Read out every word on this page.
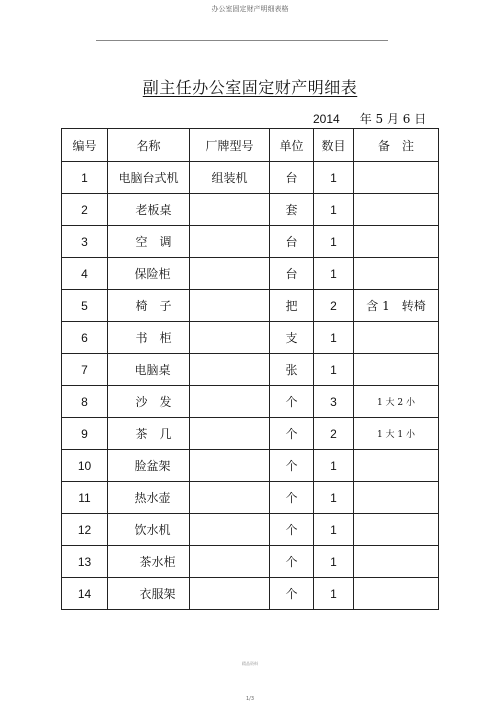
办公室固定财产明细表格
副主任办公室固定财产明细表
2014 年 5 月 6 日
编号	名称	厂牌型号	单位	数目	备　注
1	电脑台式机	组装机	台	1	
2	老板桌		套	1	
3	空　调		台	1	
4	保险柜		台	1	
5	椅　子		把	2	含 1　转椅
6	书　柜		支	1	
7	电脑桌		张	1	
8	沙　发		个	3	1 大 2 小
9	茶　几		个	2	1 大 1 小
10	脸盆架		个	1	
11	热水壶		个	1	
12	饮水机		个	1	
13	茶水柜		个	1	
14	衣服架		个	1	
精品资料
1/3
